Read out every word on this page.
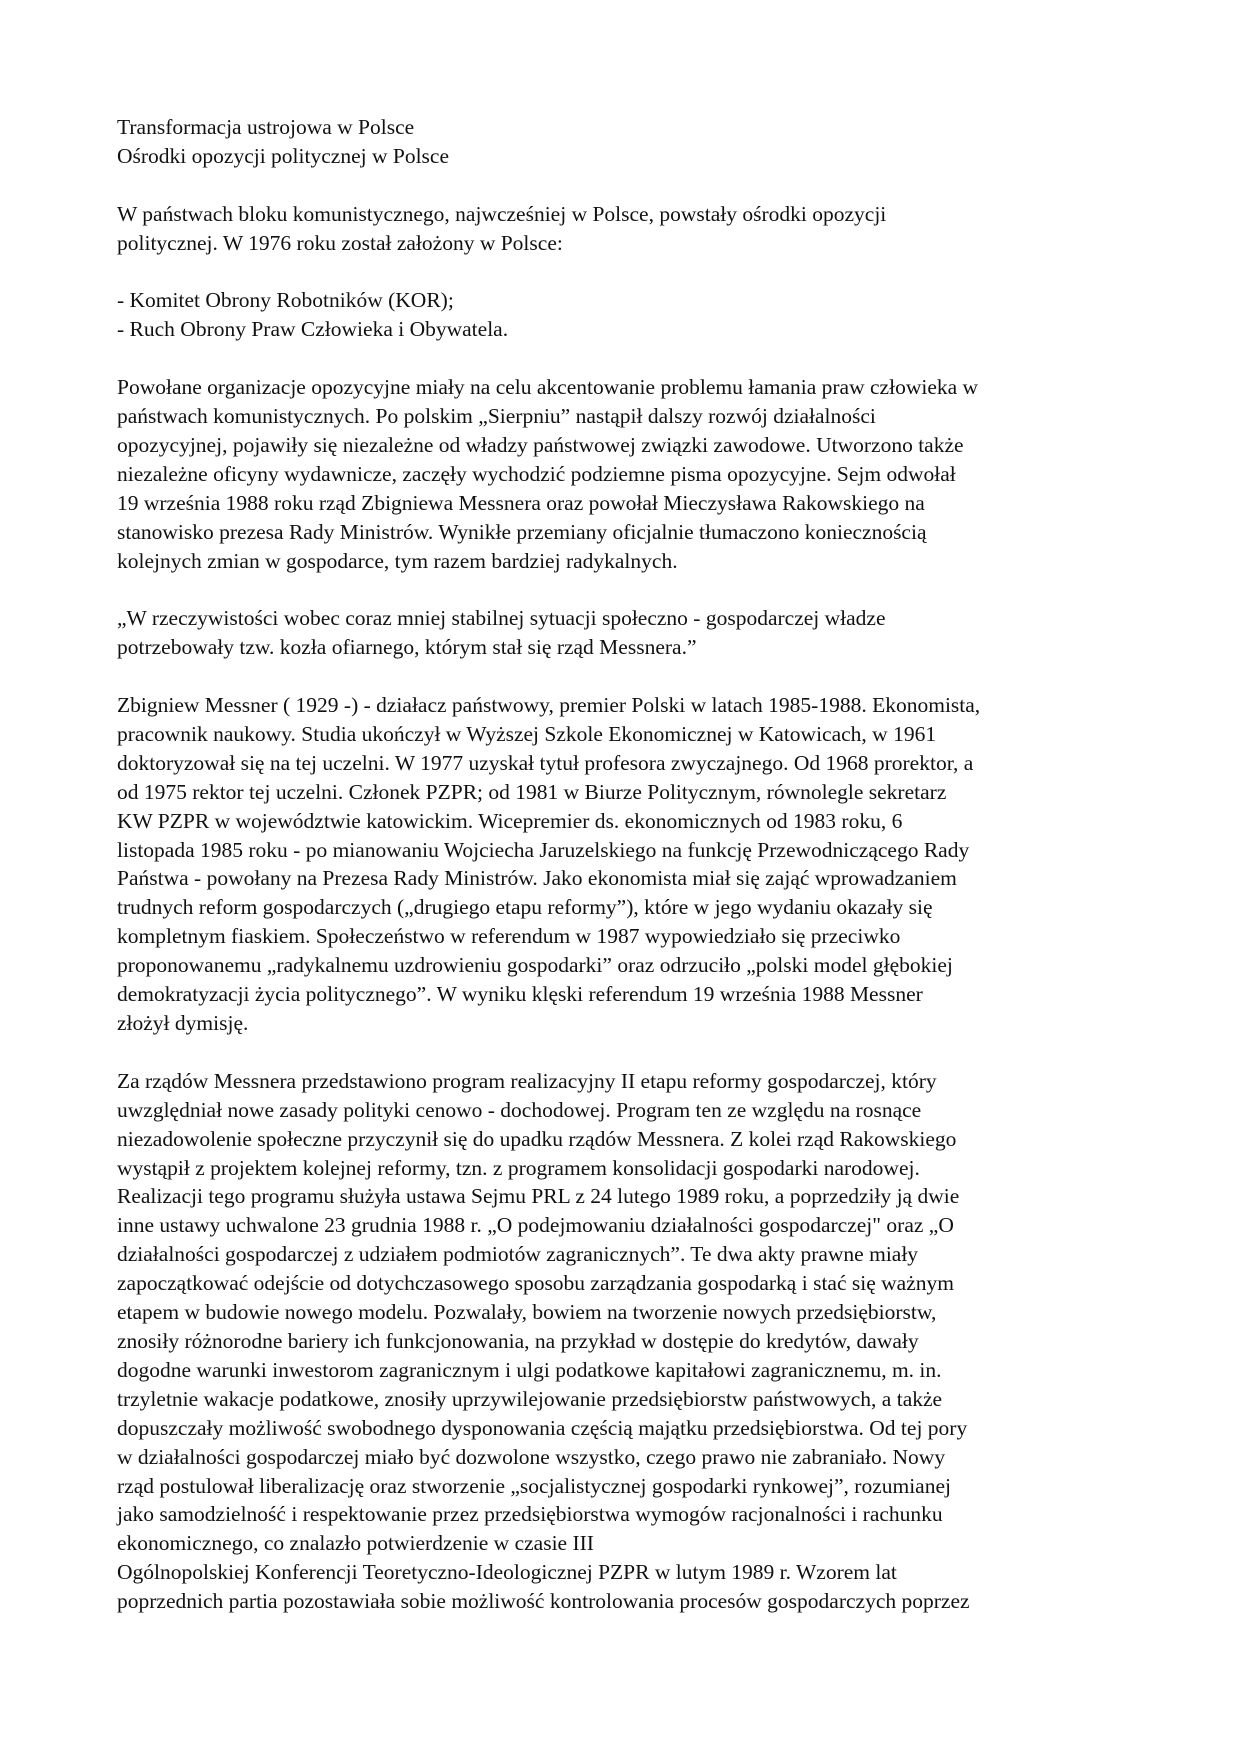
Transformacja ustrojowa w Polsce
Ośrodki opozycji politycznej w Polsce
W państwach bloku komunistycznego, najwcześniej w Polsce, powstały ośrodki opozycji
politycznej. W 1976 roku został założony w Polsce:
- Komitet Obrony Robotników (KOR);
- Ruch Obrony Praw Człowieka i Obywatela.
Powołane organizacje opozycyjne miały na celu akcentowanie problemu łamania praw człowieka w
państwach komunistycznych. Po polskim „Sierpniu” nastąpił dalszy rozwój działalności
opozycyjnej, pojawiły się niezależne od władzy państwowej związki zawodowe. Utworzono także
niezależne oficyny wydawnicze, zaczęły wychodzić podziemne pisma opozycyjne. Sejm odwołał
19 września 1988 roku rząd Zbigniewa Messnera oraz powołał Mieczysława Rakowskiego na
stanowisko prezesa Rady Ministrów. Wynikłe przemiany oficjalnie tłumaczono koniecznością
kolejnych zmian w gospodarce, tym razem bardziej radykalnych.
„W rzeczywistości wobec coraz mniej stabilnej sytuacji społeczno - gospodarczej władze
potrzebowały tzw. kozła ofiarnego, którym stał się rząd Messnera.”
Zbigniew Messner ( 1929 -) - działacz państwowy, premier Polski w latach 1985-1988. Ekonomista,
pracownik naukowy. Studia ukończył w Wyższej Szkole Ekonomicznej w Katowicach, w 1961
doktoryzował się na tej uczelni. W 1977 uzyskał tytuł profesora zwyczajnego. Od 1968 prorektor, a
od 1975 rektor tej uczelni. Członek PZPR; od 1981 w Biurze Politycznym, równolegle sekretarz
KW PZPR w województwie katowickim. Wicepremier ds. ekonomicznych od 1983 roku, 6
listopada 1985 roku - po mianowaniu Wojciecha Jaruzelskiego na funkcję Przewodniczącego Rady
Państwa - powołany na Prezesa Rady Ministrów. Jako ekonomista miał się zająć wprowadzaniem
trudnych reform gospodarczych („drugiego etapu reformy”), które w jego wydaniu okazały się
kompletnym fiaskiem. Społeczeństwo w referendum w 1987 wypowiedziało się przeciwko
proponowanemu „radykalnemu uzdrowieniu gospodarki” oraz odrzuciło „polski model głębokiej
demokratyzacji życia politycznego”. W wyniku klęski referendum 19 września 1988 Messner
złożył dymisję.
Za rządów Messnera przedstawiono program realizacyjny II etapu reformy gospodarczej, który
uwzględniał nowe zasady polityki cenowo - dochodowej. Program ten ze względu na rosnące
niezadowolenie społeczne przyczynił się do upadku rządów Messnera. Z kolei rząd Rakowskiego
wystąpił z projektem kolejnej reformy, tzn. z programem konsolidacji gospodarki narodowej.
Realizacji tego programu służyła ustawa Sejmu PRL z 24 lutego 1989 roku, a poprzedziły ją dwie
inne ustawy uchwalone 23 grudnia 1988 r. „O podejmowaniu działalności gospodarczej" oraz „O
działalności gospodarczej z udziałem podmiotów zagranicznych”. Te dwa akty prawne miały
zapoczątkować odejście od dotychczasowego sposobu zarządzania gospodarką i stać się ważnym
etapem w budowie nowego modelu. Pozwalały, bowiem na tworzenie nowych przedsiębiorstw,
znosiły różnorodne bariery ich funkcjonowania, na przykład w dostępie do kredytów, dawały
dogodne warunki inwestorom zagranicznym i ulgi podatkowe kapitałowi zagranicznemu, m. in.
trzyletnie wakacje podatkowe, znosiły uprzywilejowanie przedsiębiorstw państwowych, a także
dopuszczały możliwość swobodnego dysponowania częścią majątku przedsiębiorstwa. Od tej pory
w działalności gospodarczej miało być dozwolone wszystko, czego prawo nie zabraniało. Nowy
rząd postulował liberalizację oraz stworzenie „socjalistycznej gospodarki rynkowej”, rozumianej
jako samodzielność i respektowanie przez przedsiębiorstwa wymogów racjonalności i rachunku
ekonomicznego, co znalazło potwierdzenie w czasie III
Ogólnopolskiej Konferencji Teoretyczno-Ideologicznej PZPR w lutym 1989 r. Wzorem lat
poprzednich partia pozostawiała sobie możliwość kontrolowania procesów gospodarczych poprzez
